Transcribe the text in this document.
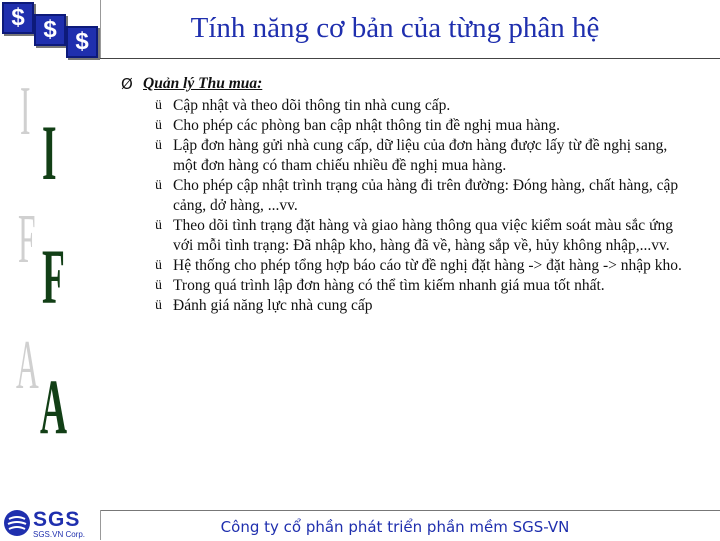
$ $ $	Tính năng cơ bản của từng phân hệ
I I
F F
A A
Ø Quản lý Thu mua:
ü Cập nhật và theo dõi thông tin nhà cung cấp.
ü Cho phép các phòng ban cập nhật thông tin đề nghị mua hàng.
ü Lập đơn hàng gửi nhà cung cấp, dữ liệu của đơn hàng được lấy từ đề nghị sang, một đơn hàng có tham chiếu nhiều đề nghị mua hàng.
ü Cho phép cập nhật trình trạng của hàng đi trên đường: Đóng hàng, chất hàng, cập cảng, dở hàng, ...vv.
ü Theo dõi tình trạng đặt hàng và giao hàng thông qua việc kiểm soát màu sắc ứng với mỗi tình trạng: Đã nhập kho, hàng đã về, hàng sắp về, hủy không nhập,...vv.
ü Hệ thống cho phép tổng hợp báo cáo từ đề nghị đặt hàng -> đặt hàng -> nhập kho.
ü Trong quá trình lập đơn hàng có thể tìm kiếm nhanh giá mua tốt nhất.
ü Đánh giá năng lực nhà cung cấp
SGS
SGS.VN Corp.	Công ty cổ phần phát triển phần mềm SGS-VN
